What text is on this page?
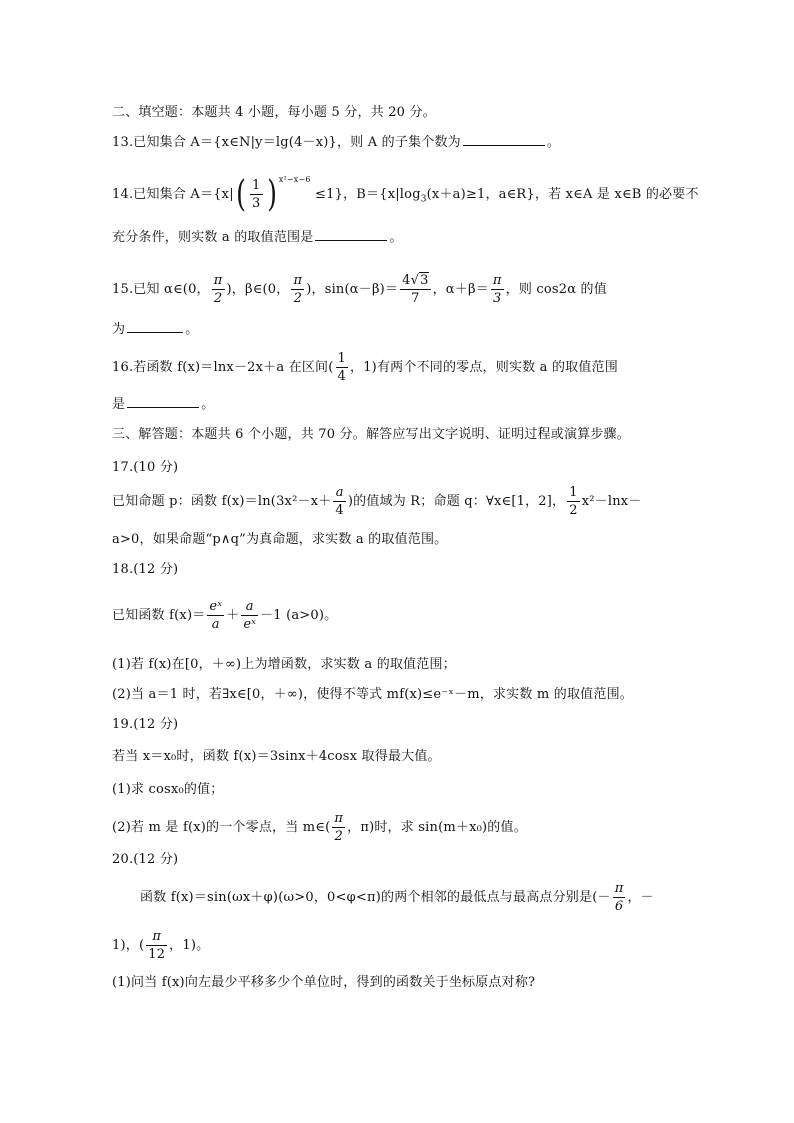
二、填空题：本题共 4 小题，每小题 5 分，共 20 分。
13.已知集合 A＝{x∈N|y＝lg(4－x)}，则 A 的子集个数为	。
14.已知集合 $A=\{x|( \frac{1}{3}$ ) $^{x^2-x-6}$ ≤1}，$B=\{x|\log_3(x+a)\ge 1$，a∈R}，若 x∈A 是 x∈B 的必要不
充分条件，则实数 a 的取值范围是	。
15.已知 α∈(0， $\frac{\pi}{2}$ )，β∈(0， $\frac{\pi}{2}$ )，$\sin(\alpha-\beta)= \frac{4√3}{7}$ ，$\alpha+\beta= \frac{\pi}{3}$ ，则 cos2α 的值
为	。
16.若函数 f(x)＝lnx－2x＋a 在区间( $\frac{1}{4}$ ，1)有两个不同的零点，则实数 a 的取值范围
是	。
三、解答题：本题共 6 个小题，共 70 分。解答应写出文字说明、证明过程或演算步骤。
17.(10 分)
已知命题 p：函数 $f(x)=\ln(3x^2-x+ \frac{a}{4}$ )的值域为 R；命题 q：∀x∈[1，2]， $\frac{1}{2} x^2-\ln x-$
a>0，如果命题“p∧q”为真命题，求实数 a 的取值范围。
18.(12 分)
已知函数 $f(x)= \frac{\text{eˣ}}{a} + \frac{a}{\text{eˣ}} -1$ (a>0)。
(1)若 f(x)在[0，＋∞)上为增函数，求实数 a 的取值范围；
(2)当 a＝1 时，若∃x∈[0，＋∞)，使得不等式 mf(x)≤e⁻ˣ－m，求实数 m 的取值范围。
19.(12 分)
若当 x＝x₀时，函数 f(x)＝3sinx＋4cosx 取得最大值。
(1)求 cosx₀的值；
(2)若 m 是 f(x)的一个零点，当 m∈( $\frac{\pi}{2}$ ，π)时，求 sin(m＋x₀)的值。
20.(12 分)
函数 f(x)＝sin(ωx＋φ)(ω>0，0<φ<π)的两个相邻的最低点与最高点分别是(－ $\frac{\pi}{6}$ ，－
1)，( $\frac{\pi}{12}$ ，1)。
(1)问当 f(x)向左最少平移多少个单位时，得到的函数关于坐标原点对称?
